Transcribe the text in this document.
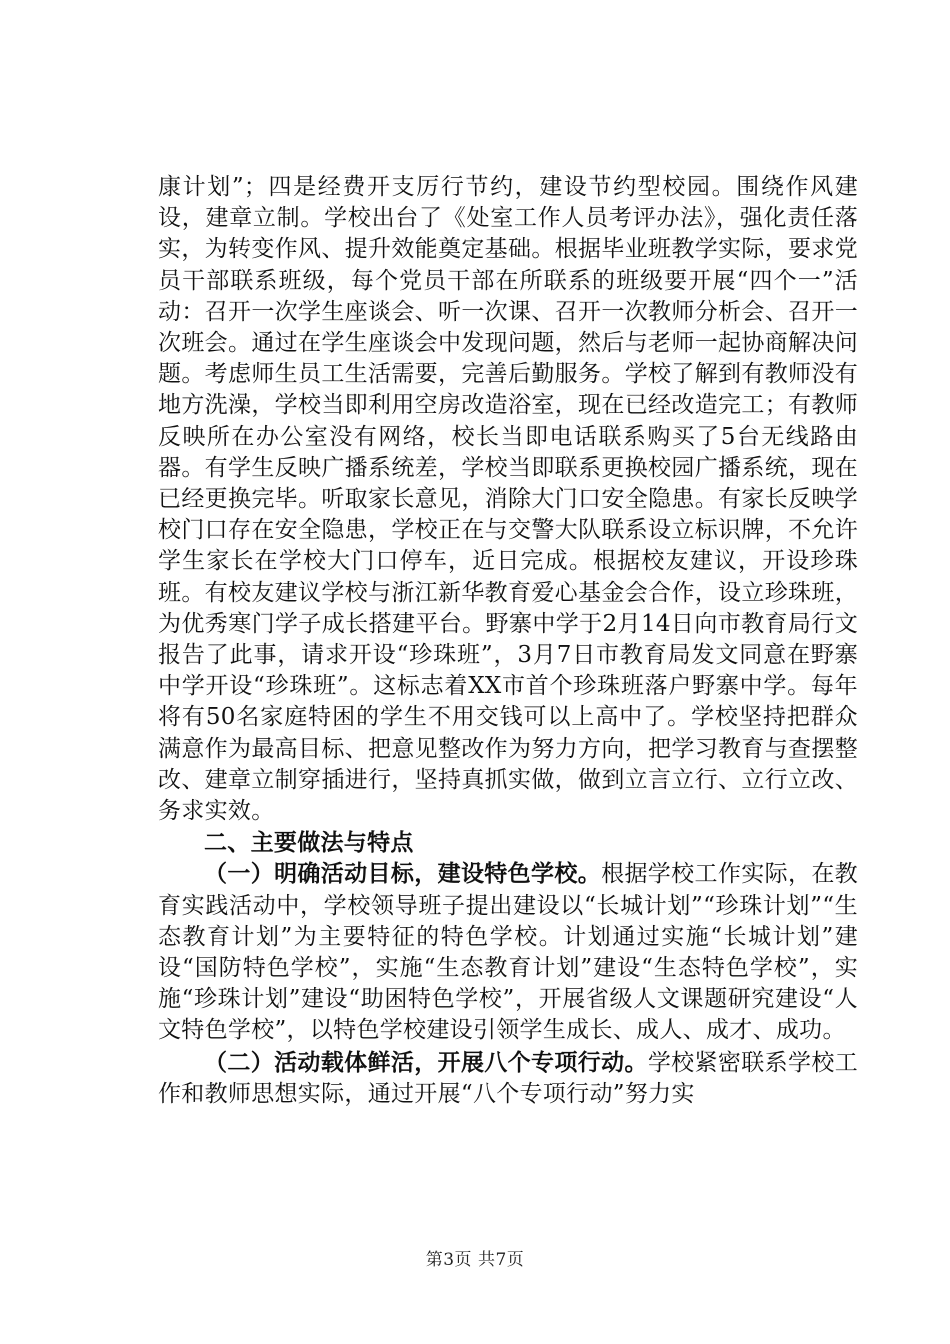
康计划”；四是经费开支厉行节约，建设节约型校园。围绕作风建设，建章立制。学校出台了《处室工作人员考评办法》，强化责任落实，为转变作风、提升效能奠定基础。根据毕业班教学实际，要求党员干部联系班级，每个党员干部在所联系的班级要开展“四个一”活动：召开一次学生座谈会、听一次课、召开一次教师分析会、召开一次班会。通过在学生座谈会中发现问题，然后与老师一起协商解决问题。考虑师生员工生活需要，完善后勤服务。学校了解到有教师没有地方洗澡，学校当即利用空房改造浴室，现在已经改造完工；有教师反映所在办公室没有网络，校长当即电话联系购买了5台无线路由器。有学生反映广播系统差，学校当即联系更换校园广播系统，现在已经更换完毕。听取家长意见，消除大门口安全隐患。有家长反映学校门口存在安全隐患，学校正在与交警大队联系设立标识牌，不允许学生家长在学校大门口停车，近日完成。根据校友建议，开设珍珠班。有校友建议学校与浙江新华教育爱心基金会合作，设立珍珠班，为优秀寒门学子成长搭建平台。野寨中学于2月14日向市教育局行文报告了此事，请求开设“珍珠班”，3月7日市教育局发文同意在野寨中学开设“珍珠班”。这标志着XX市首个珍珠班落户野寨中学。每年将有50名家庭特困的学生不用交钱可以上高中了。学校坚持把群众满意作为最高目标、把意见整改作为努力方向，把学习教育与查摆整改、建章立制穿插进行，坚持真抓实做，做到立言立行、立行立改、务求实效。

二、主要做法与特点

（一）明确活动目标，建设特色学校。根据学校工作实际，在教育实践活动中，学校领导班子提出建设以“长城计划”“珍珠计划”“生态教育计划”为主要特征的特色学校。计划通过实施“长城计划”建设“国防特色学校”，实施“生态教育计划”建设“生态特色学校”，实施“珍珠计划”建设“助困特色学校”，开展省级人文课题研究建设“人文特色学校”，以特色学校建设引领学生成长、成人、成才、成功。

（二）活动载体鲜活，开展八个专项行动。学校紧密联系学校工作和教师思想实际，通过开展“八个专项行动”努力实

第3页 共7页
